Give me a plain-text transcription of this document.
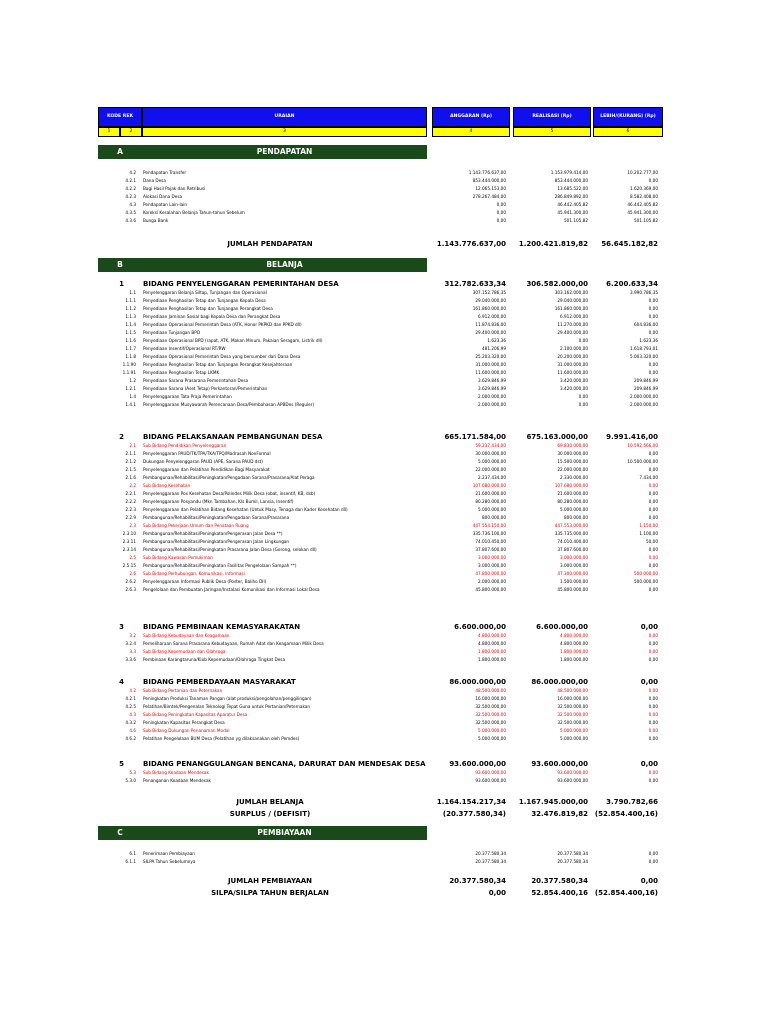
KODE REK	URAIAN	ANGGARAN (Rp)	REALISASI (Rp)	LEBIH/(KURANG) (Rp)
1	2	3	4	5	6
A	PENDAPATAN
4.2 Pendapatan Transfer	1.143.776.637,00	1.153.979.414,00	10.202.777,00
4.2.1 Dana Desa	853.444.000,00	853.444.000,00	0,00
4.2.2 Bagi Hasil Pajak dan Retribusi	12.065.153,00	13.685.522,00	1.620.369,00
4.2.3 Alokasi Dana Desa	278.267.484,00	286.849.892,00	8.582.408,00
4.3 Pendapatan Lain-lain	0,00	46.442.405,82	46.442.405,82
4.3.5 Koreksi Kesalahan Belanja Tahun-tahun Sebelum	0,00	45.941.300,00	45.941.300,00
4.3.6 Bunga Bank	0,00	501.105,82	501.105,82
JUMLAH PENDAPATAN	1.143.776.637,00	1.200.421.819,82	56.645.182,82
B	BELANJA
1	BIDANG PENYELENGGARAN PEMERINTAHAN DESA	312.782.633,34	306.582.000,00	6.200.633,34
1.1 Penyelenggaran Belanja Siltap, Tunjangan dan Operasional	307.152.786,35	303.162.000,00	3.990.786,35
1.1.1 Penyediaan Penghasilan Tetap dan Tunjangan Kepala Desa	29.040.000,00	29.040.000,00	0,00
1.1.2 Penyediaan Penghasilan Tetap dan Tunjangan Perangkat Desa	161.860.000,00	161.860.000,00	0,00
1.1.3 Penyediaan Jaminan Sosial bagi Kepala Desa dan Perangkat Desa	6.912.000,00	6.912.000,00	0,00
1.1.4 Penyediaan Operasional Pemerintah Desa (ATK, Honor PKPKD dan PPKD dll)	11.874.836,00	11.270.000,00	604.836,00
1.1.5 Penyediaan Tunjangan BPD	29.400.000,00	29.400.000,00	0,00
1.1.6 Penyediaan Operasional BPD (rapat, ATK, Makan Minum, Pakaian Seragam, Listrik dll)	1.623,36	0,00	1.623,36
1.1.7 Penyediaan Insentif/Operasional RT/RW	481.206,99	2.100.000,00	1.618.793,01
1.1.8 Penyediaan Operasional Pemerintah Desa yang bersumber dari Dana Desa	25.203.320,00	20.200.000,00	5.003.320,00
1.1.90 Penyediaan Penghasilan Tetap dan Tunjangan Perangkat Kesejahteraan	31.000.000,00	31.000.000,00	0,00
1.1.91 Penyediaan Penghasilan Tetap LKMK	11.600.000,00	11.600.000,00	0,00
1.2 Penyediaan Sarana Prasarana Pemerintahan Desa	3.629.846,99	3.420.000,00	209.846,99
1.2.1 Penyediaan Sarana (Aset Tetap) Perkantoran/Pemerintahan	3.629.846,99	3.420.000,00	209.846,99
1.4 Penyelenggaraan Tata Praja Pemerintahan	2.000.000,00	0,00	2.000.000,00
1.4.1 Penyelenggaraan Musyawarah Perencanaan Desa/Pembahasan APBDes (Reguler)	2.000.000,00	0,00	2.000.000,00
2	BIDANG PELAKSANAAN PEMBANGUNAN DESA	665.171.584,00	675.163.000,00	9.991.416,00
2.1 Sub Bidang Pendidikan Penyelenggaran	59.237.434,00	69.830.000,00	10.592.566,00
2.1.1 Penyelenggaran PAUD/TK/TPA/TKA/TPQ/Madrasah NonFormal	30.000.000,00	30.000.000,00	0,00
2.1.2 Dukungan Penyelenggaran PAUD (APE, Sarana PAUD dst)	5.000.000,00	15.500.000,00	10.500.000,00
2.1.5 Penyelenggaraan dan Pelatihan Pendidikan Bagi Masyarakat	22.000.000,00	22.000.000,00	0,00
2.1.6 Pembangunan/Rehabilitasi/Peningkatan/Pengadaan Sarana/Prasarana/Alat Peraga	2.237.434,00	2.330.000,00	7.434,00
2.2 Sub Bidang Kesehatan	107.680.000,00	107.680.000,00	0,00
2.2.1 Penyelenggaraan Pos Kesehatan Desa/Polindes Milik Desa (obat, insentif, KB, dsb)	21.600.000,00	21.600.000,00	0,00
2.2.2 Penyelenggaraan Posyandu (Mkn Tambahan, Kls Bumil, Lansia, Insentif)	80.280.000,00	80.280.000,00	0,00
2.2.3 Penyelenggaraan dan Pelatihan Bidang Kesehatan (Untuk Masy, Tenaga dan Kader Kesehatan dll)	5.000.000,00	5.000.000,00	0,00
2.2.9 Pembangunan/Rehabilitasi/Peningkatan/Pengadaan Sarana/Prasarana	800.000,00	800.000,00	0,00
2.3 Sub Bidang Pekerjaan Umum dan Penataan Ruang	447.554.150,00	447.553.000,00	1.150,00
2.3.10 Pembangunan/Rehabilitasi/Peningkatan/Pengerasan Jalan Desa **)	335.736.100,00	335.735.000,00	1.100,00
2.3.11 Pembangunan/Rehabilitasi/Peningkatan/Pengerasan Jalan Lingkungan	74.010.450,00	74.010.400,00	50,00
2.3.14 Pembangunan/Rehabilitasi/Peningkatan Prasarana Jalan Desa (Gorong, selokan dll)	37.807.600,00	37.807.600,00	0,00
2.5 Sub Bidang Kawasan Pemukiman	3.000.000,00	3.000.000,00	0,00
2.5.15 Pembangunan/Rehabilitasi/Peningkatan Fasilitas Pengelolaan Sampah **)	3.000.000,00	3.000.000,00	0,00
2.6 Sub Bidang Perhubungan, Komunikasi, Informasi	47.800.000,00	47.300.000,00	500.000,00
2.6.2 Penyelenggaraan Informasi Publik Desa (Poster, Baliho Dll)	2.000.000,00	1.500.000,00	500.000,00
2.6.3 Pengelolaan dan Pembuatan Jaringan/Instalasi Komunikasi dan Informasi Lokal Desa	45.800.000,00	45.800.000,00	0,00
3	BIDANG PEMBINAAN KEMASYARAKATAN	6.600.000,00	6.600.000,00	0,00
3.2 Sub Bidang Kebudayaan dan Keagamaan	4.800.000,00	4.800.000,00	0,00
3.2.4 Pemeliharaan Sarana Prasarana Kebudayaan, Rumah Adat dan Keagamaan Milik Desa	4.800.000,00	4.800.000,00	0,00
3.3 Sub Bidang Kepemudaan dan Olahraga	1.800.000,00	1.800.000,00	0,00
3.3.6 Pembinaan Karangtaruna/Klub Kepemudaan/Olahraga Tingkat Desa	1.800.000,00	1.800.000,00	0,00
4	BIDANG PEMBERDAYAAN MASYARAKAT	86.000.000,00	86.000.000,00	0,00
4.2 Sub Bidang Pertanian dan Peternakan	48.500.000,00	48.500.000,00	0,00
4.2.1 Peningkatan Produksi Tanaman Pangan (alat produksi/pengolahan/penggilingan)	16.000.000,00	16.000.000,00	0,00
4.2.5 Pelatihan/Bimtek/Pengenalan Teknologi Tepat Guna untuk Pertanian/Peternakan	32.500.000,00	32.500.000,00	0,00
4.3 Sub Bidang Peningkatan Kapasitas Aparatur Desa	32.500.000,00	32.500.000,00	0,00
4.3.2 Peningkatan Kapasitas Perangkat Desa	32.500.000,00	32.500.000,00	0,00
4.6 Sub Bidang Dukungan Penanaman Modal	5.000.000,00	5.000.000,00	0,00
4.6.2 Pelatihan Pengelolaan BUM Desa (Pelatihan yg dilaksanakan oleh Pemdes)	5.000.000,00	5.000.000,00	0,00
5	BIDANG PENANGGULANGAN BENCANA, DARURAT DAN MENDESAK DESA	93.600.000,00	93.600.000,00	0,00
5.3 Sub Bidang Keadaan Mendesak	93.600.000,00	93.600.000,00	0,00
5.3.0 Penanganan Keadaan Mendesak	93.600.000,00	93.600.000,00	0,00
JUMLAH BELANJA	1.164.154.217,34	1.167.945.000,00	3.790.782,66
SURPLUS / (DEFISIT)	(20.377.580,34)	32.476.819,82 (52.854.400,16)
C	PEMBIAYAAN
6.1 Penerimaan Pembiayaan	20.377.580,34	20.377.580,34	0,00
6.1.1 SILPA Tahun Sebelumnya	20.377.580,34	20.377.580,34	0,00
JUMLAH PEMBIAYAAN	20.377.580,34	20.377.580,34	0,00
SILPA/SILPA TAHUN BERJALAN	0,00	52.854.400,16 (52.854.400,16)
